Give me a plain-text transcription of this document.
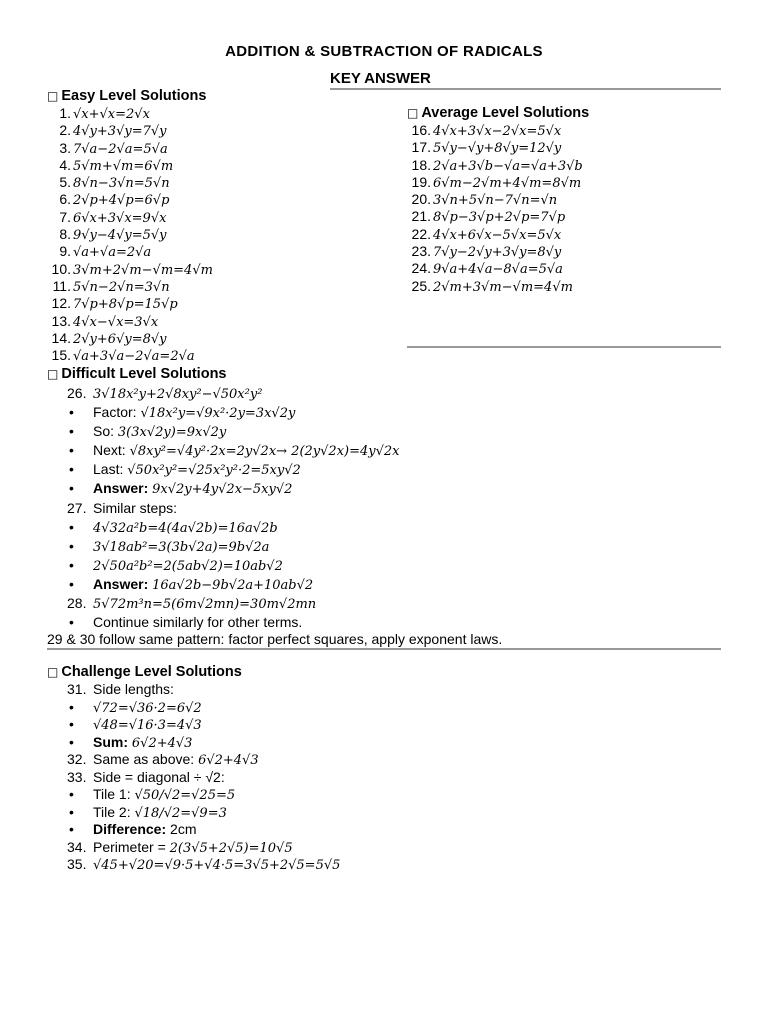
ADDITION & SUBTRACTION OF RADICALS
KEY ANSWER
□ Easy Level Solutions
1. √x+√x=2√x
2. 4√y+3√y=7√y
3. 7√a−2√a=5√a
4. 5√m+√m=6√m
5. 8√n−3√n=5√n
6. 2√p+4√p=6√p
7. 6√x+3√x=9√x
8. 9√y−4√y=5√y
9. √a+√a=2√a
10. 3√m+2√m−√m=4√m
11. 5√n−2√n=3√n
12. 7√p+8√p=15√p
13. 4√x−√x=3√x
14. 2√y+6√y=8√y
15. √a+3√a−2√a=2√a
□ Average Level Solutions
16. 4√x+3√x−2√x=5√x
17. 5√y−√y+8√y=12√y
18. 2√a+3√b−√a=√a+3√b
19. 6√m−2√m+4√m=8√m
20. 3√n+5√n−7√n=√n
21. 8√p−3√p+2√p=7√p
22. 4√x+6√x−5√x=5√x
23. 7√y−2√y+3√y=8√y
24. 9√a+4√a−8√a=5√a
25. 2√m+3√m−√m=4√m
□ Difficult Level Solutions
26. 3√18x²y+2√8xy²−√50x²y²
• Factor: √18x²y=√9x²·2y=3x√2y
• So: 3(3x√2y)=9x√2y
• Next: √8xy²=√4y²·2x=2y√2x→ 2(2y√2x)=4y√2x
• Last: √50x²y²=√25x²y²·2=5xy√2
• Answer: 9x√2y+4y√2x−5xy√2
27. Similar steps:
• 4√32a²b=4(4a√2b)=16a√2b
• 3√18ab²=3(3b√2a)=9b√2a
• 2√50a²b²=2(5ab√2)=10ab√2
• Answer: 16a√2b−9b√2a+10ab√2
28. 5√72m³n=5(6m√2mn)=30m√2mn
• Continue similarly for other terms.
29 & 30 follow same pattern: factor perfect squares, apply exponent laws.
□ Challenge Level Solutions
31. Side lengths:
• √72=√36·2=6√2
• √48=√16·3=4√3
• Sum: 6√2+4√3
32. Same as above: 6√2+4√3
33. Side = diagonal ÷ √2:
• Tile 1: √50/√2=√25=5
• Tile 2: √18/√2=√9=3
• Difference: 2cm
34. Perimeter = 2(3√5+2√5)=10√5
35. √45+√20=√9·5+√4·5=3√5+2√5=5√5
